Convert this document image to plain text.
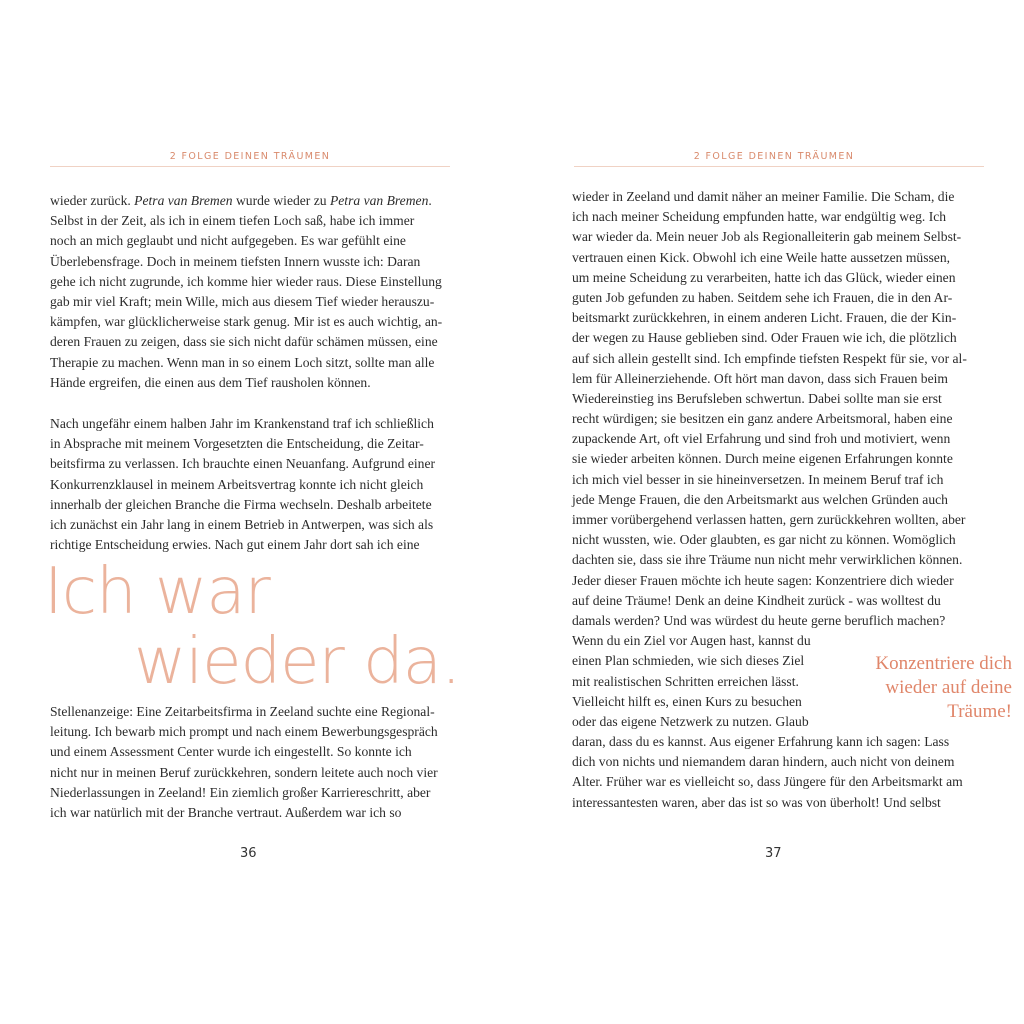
2 FOLGE DEINEN TRÄUMEN
wieder zurück. Petra van Bremen wurde wieder zu Petra van Bremen.
Selbst in der Zeit, als ich in einem tiefen Loch saß, habe ich immer
noch an mich geglaubt und nicht aufgegeben. Es war gefühlt eine
Überlebensfrage. Doch in meinem tiefsten Innern wusste ich: Daran
gehe ich nicht zugrunde, ich komme hier wieder raus. Diese Einstellung
gab mir viel Kraft; mein Wille, mich aus diesem Tief wieder herauszu-
kämpfen, war glücklicherweise stark genug. Mir ist es auch wichtig, an-
deren Frauen zu zeigen, dass sie sich nicht dafür schämen müssen, eine
Therapie zu machen. Wenn man in so einem Loch sitzt, sollte man alle
Hände ergreifen, die einen aus dem Tief rausholen können.
Nach ungefähr einem halben Jahr im Krankenstand traf ich schließlich
in Absprache mit meinem Vorgesetzten die Entscheidung, die Zeitar-
beitsfirma zu verlassen. Ich brauchte einen Neuanfang. Aufgrund einer
Konkurrenzklausel in meinem Arbeitsvertrag konnte ich nicht gleich
innerhalb der gleichen Branche die Firma wechseln. Deshalb arbeitete
ich zunächst ein Jahr lang in einem Betrieb in Antwerpen, was sich als
richtige Entscheidung erwies. Nach gut einem Jahr dort sah ich eine
Ich war
wieder da.
Stellenanzeige: Eine Zeitarbeitsfirma in Zeeland suchte eine Regional-
leitung. Ich bewarb mich prompt und nach einem Bewerbungsgespräch
und einem Assessment Center wurde ich eingestellt. So konnte ich
nicht nur in meinen Beruf zurückkehren, sondern leitete auch noch vier
Niederlassungen in Zeeland! Ein ziemlich großer Karriereschritt, aber
ich war natürlich mit der Branche vertraut. Außerdem war ich so
36
2 FOLGE DEINEN TRÄUMEN
wieder in Zeeland und damit näher an meiner Familie. Die Scham, die
ich nach meiner Scheidung empfunden hatte, war endgültig weg. Ich
war wieder da. Mein neuer Job als Regionalleiterin gab meinem Selbst-
vertrauen einen Kick. Obwohl ich eine Weile hatte aussetzen müssen,
um meine Scheidung zu verarbeiten, hatte ich das Glück, wieder einen
guten Job gefunden zu haben. Seitdem sehe ich Frauen, die in den Ar-
beitsmarkt zurückkehren, in einem anderen Licht. Frauen, die der Kin-
der wegen zu Hause geblieben sind. Oder Frauen wie ich, die plötzlich
auf sich allein gestellt sind. Ich empfinde tiefsten Respekt für sie, vor al-
lem für Alleinerziehende. Oft hört man davon, dass sich Frauen beim
Wiedereinstieg ins Berufsleben schwertun. Dabei sollte man sie erst
recht würdigen; sie besitzen ein ganz andere Arbeitsmoral, haben eine
zupackende Art, oft viel Erfahrung und sind froh und motiviert, wenn
sie wieder arbeiten können. Durch meine eigenen Erfahrungen konnte
ich mich viel besser in sie hineinversetzen. In meinem Beruf traf ich
jede Menge Frauen, die den Arbeitsmarkt aus welchen Gründen auch
immer vorübergehend verlassen hatten, gern zurückkehren wollten, aber
nicht wussten, wie. Oder glaubten, es gar nicht zu können. Womöglich
dachten sie, dass sie ihre Träume nun nicht mehr verwirklichen können.
Jeder dieser Frauen möchte ich heute sagen: Konzentriere dich wieder
auf deine Träume! Denk an deine Kindheit zurück - was wolltest du
damals werden? Und was würdest du heute gerne beruflich machen?
Wenn du ein Ziel vor Augen hast, kannst du
einen Plan schmieden, wie sich dieses Ziel
mit realistischen Schritten erreichen lässt.
Vielleicht hilft es, einen Kurs zu besuchen
oder das eigene Netzwerk zu nutzen. Glaub
daran, dass du es kannst. Aus eigener Erfahrung kann ich sagen: Lass
dich von nichts und niemandem daran hindern, auch nicht von deinem
Alter. Früher war es vielleicht so, dass Jüngere für den Arbeitsmarkt am
interessantesten waren, aber das ist so was von überholt! Und selbst
Konzentriere dich
wieder auf deine
Träume!
37
